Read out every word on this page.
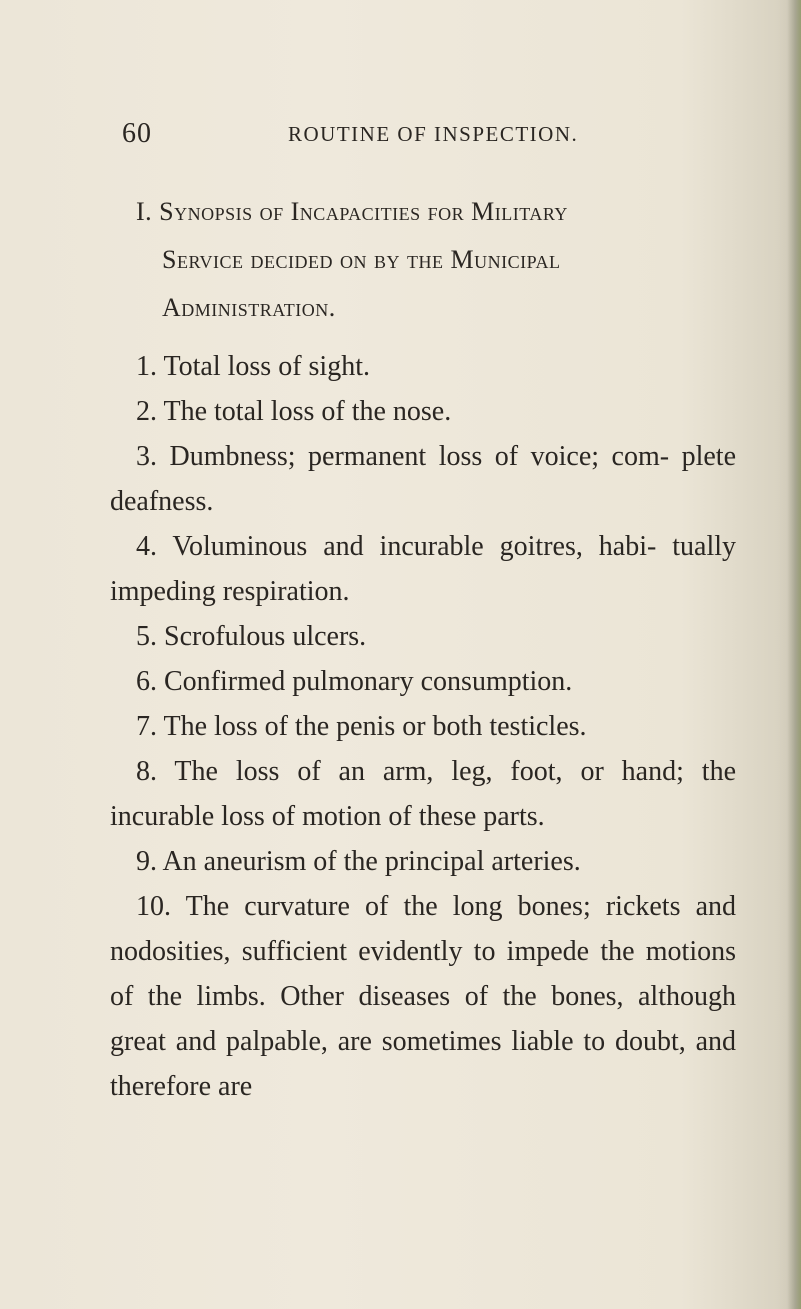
60	ROUTINE OF INSPECTION.

I. Synopsis of Incapacities for Military
Service decided on by the Municipal
Administration.

1. Total loss of sight.

2. The total loss of the nose.

3. Dumbness; permanent loss of voice; com- plete deafness.

4. Voluminous and incurable goitres, habi- tually impeding respiration.

5. Scrofulous ulcers.

6. Confirmed pulmonary consumption.

7. The loss of the penis or both testicles.

8. The loss of an arm, leg, foot, or hand; the incurable loss of motion of these parts.

9. An aneurism of the principal arteries.

10. The curvature of the long bones; rickets and nodosities, sufficient evidently to impede the motions of the limbs. Other diseases of the bones, although great and palpable, are sometimes liable to doubt, and therefore are
